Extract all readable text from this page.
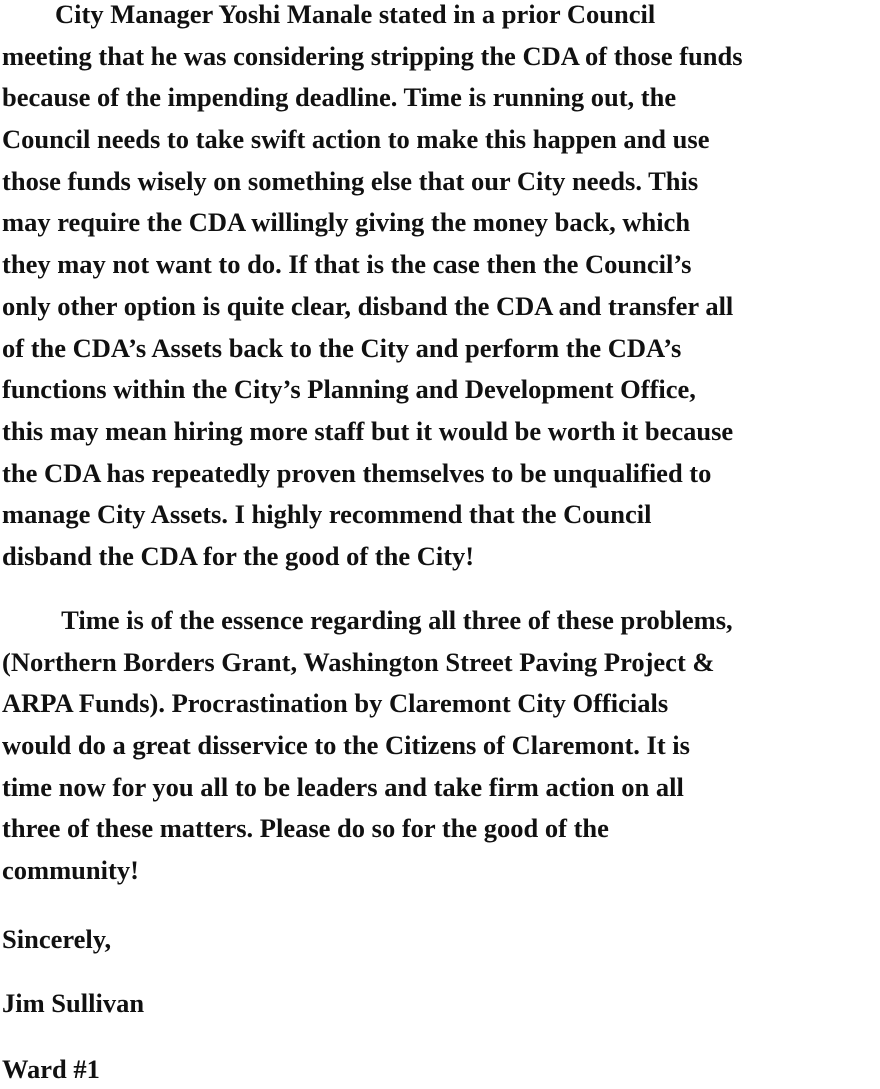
City Manager Yoshi Manale stated in a prior Council
meeting that he was considering stripping the CDA of those funds
because of the impending deadline. Time is running out, the
Council needs to take swift action to make this happen and use
those funds wisely on something else that our City needs. This
may require the CDA willingly giving the money back, which
they may not want to do. If that is the case then the Council’s
only other option is quite clear, disband the CDA and transfer all
of the CDA’s Assets back to the City and perform the CDA’s
functions within the City’s Planning and Development Office,
this may mean hiring more staff but it would be worth it because
the CDA has repeatedly proven themselves to be unqualified to
manage City Assets. I highly recommend that the Council
disband the CDA for the good of the City!
Time is of the essence regarding all three of these problems,
(Northern Borders Grant, Washington Street Paving Project &
ARPA Funds). Procrastination by Claremont City Officials
would do a great disservice to the Citizens of Claremont. It is
time now for you all to be leaders and take firm action on all
three of these matters. Please do so for the good of the
community!
Sincerely,
Jim Sullivan
Ward #1
